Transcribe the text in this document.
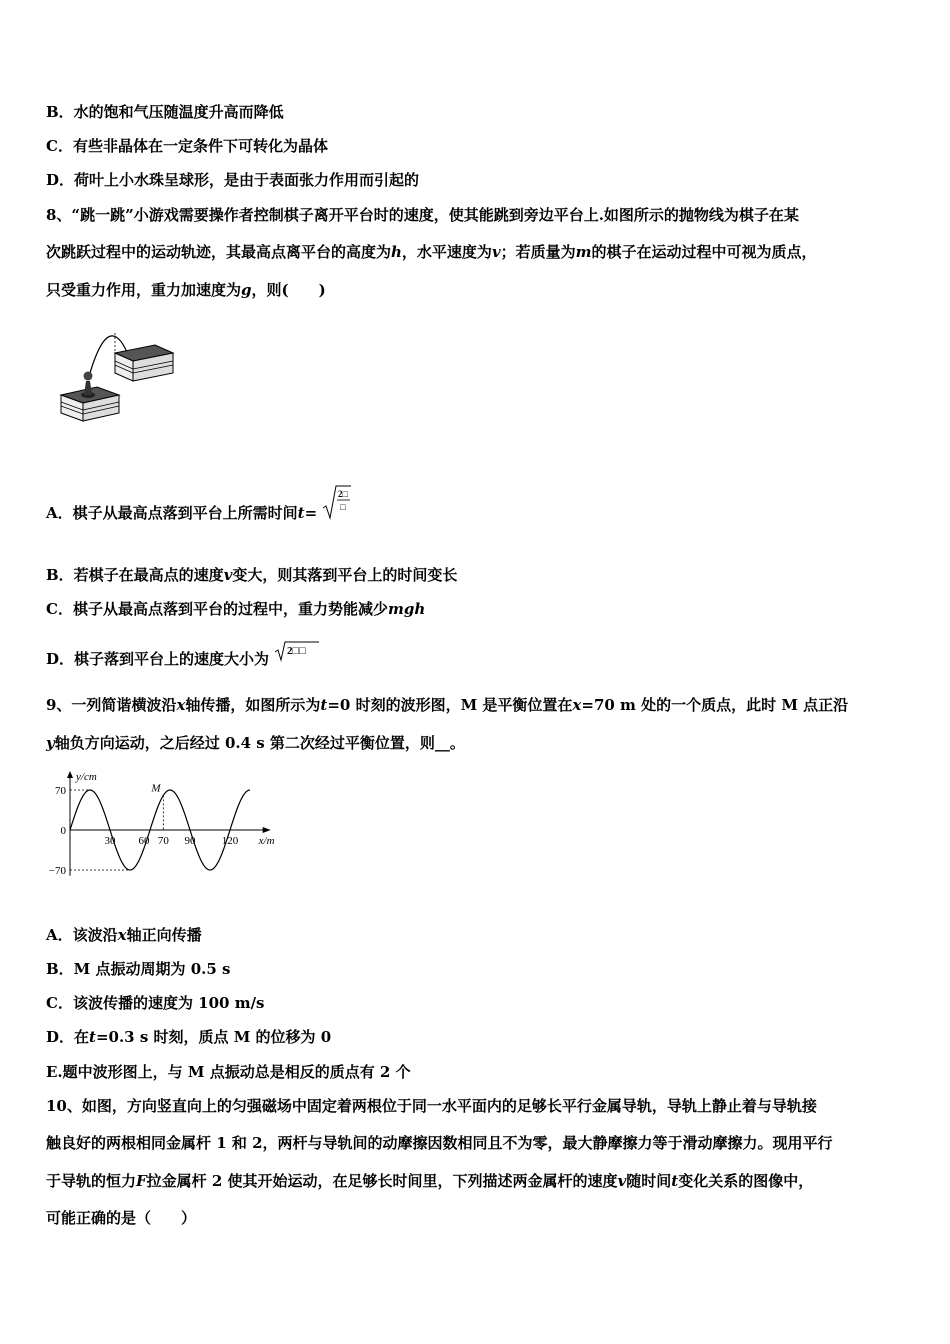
B．水的饱和气压随温度升高而降低
C．有些非晶体在一定条件下可转化为晶体
D．荷叶上小水珠呈球形，是由于表面张力作用而引起的
8、“跳一跳”小游戏需要操作者控制棋子离开平台时的速度，使其能跳到旁边平台上.如图所示的抛物线为棋子在某
次跳跃过程中的运动轨迹，其最高点离平台的高度为h，水平速度为v；若质量为m的棋子在运动过程中可视为质点，
只受重力作用，重力加速度为g，则(　　)
A．棋子从最高点落到平台上所需时间t=
2□
□
B．若棋子在最高点的速度v变大，则其落到平台上的时间变长
C．棋子从最高点落到平台的过程中，重力势能减少mgh
D．棋子落到平台上的速度大小为 2□□
9、一列简谐横波沿x轴传播，如图所示为t=0 时刻的波形图，M 是平衡位置在x=70 m 处的一个质点，此时 M 点正沿
y轴负方向运动，之后经过 0.4 s 第二次经过平衡位置，则__。
30 60 70 90 120
70
0
−70
x/m
y/cm
M
A．该波沿x轴正向传播
B．M 点振动周期为 0.5 s
C．该波传播的速度为 100 m/s
D．在t=0.3 s 时刻，质点 M 的位移为 0
E.题中波形图上，与 M 点振动总是相反的质点有 2 个
10、如图，方向竖直向上的匀强磁场中固定着两根位于同一水平面内的足够长平行金属导轨，导轨上静止着与导轨接
触良好的两根相同金属杆 1 和 2，两杆与导轨间的动摩擦因数相同且不为零，最大静摩擦力等于滑动摩擦力。现用平行
于导轨的恒力F拉金属杆 2 使其开始运动，在足够长时间里，下列描述两金属杆的速度v随时间t变化关系的图像中，
可能正确的是（　　）
